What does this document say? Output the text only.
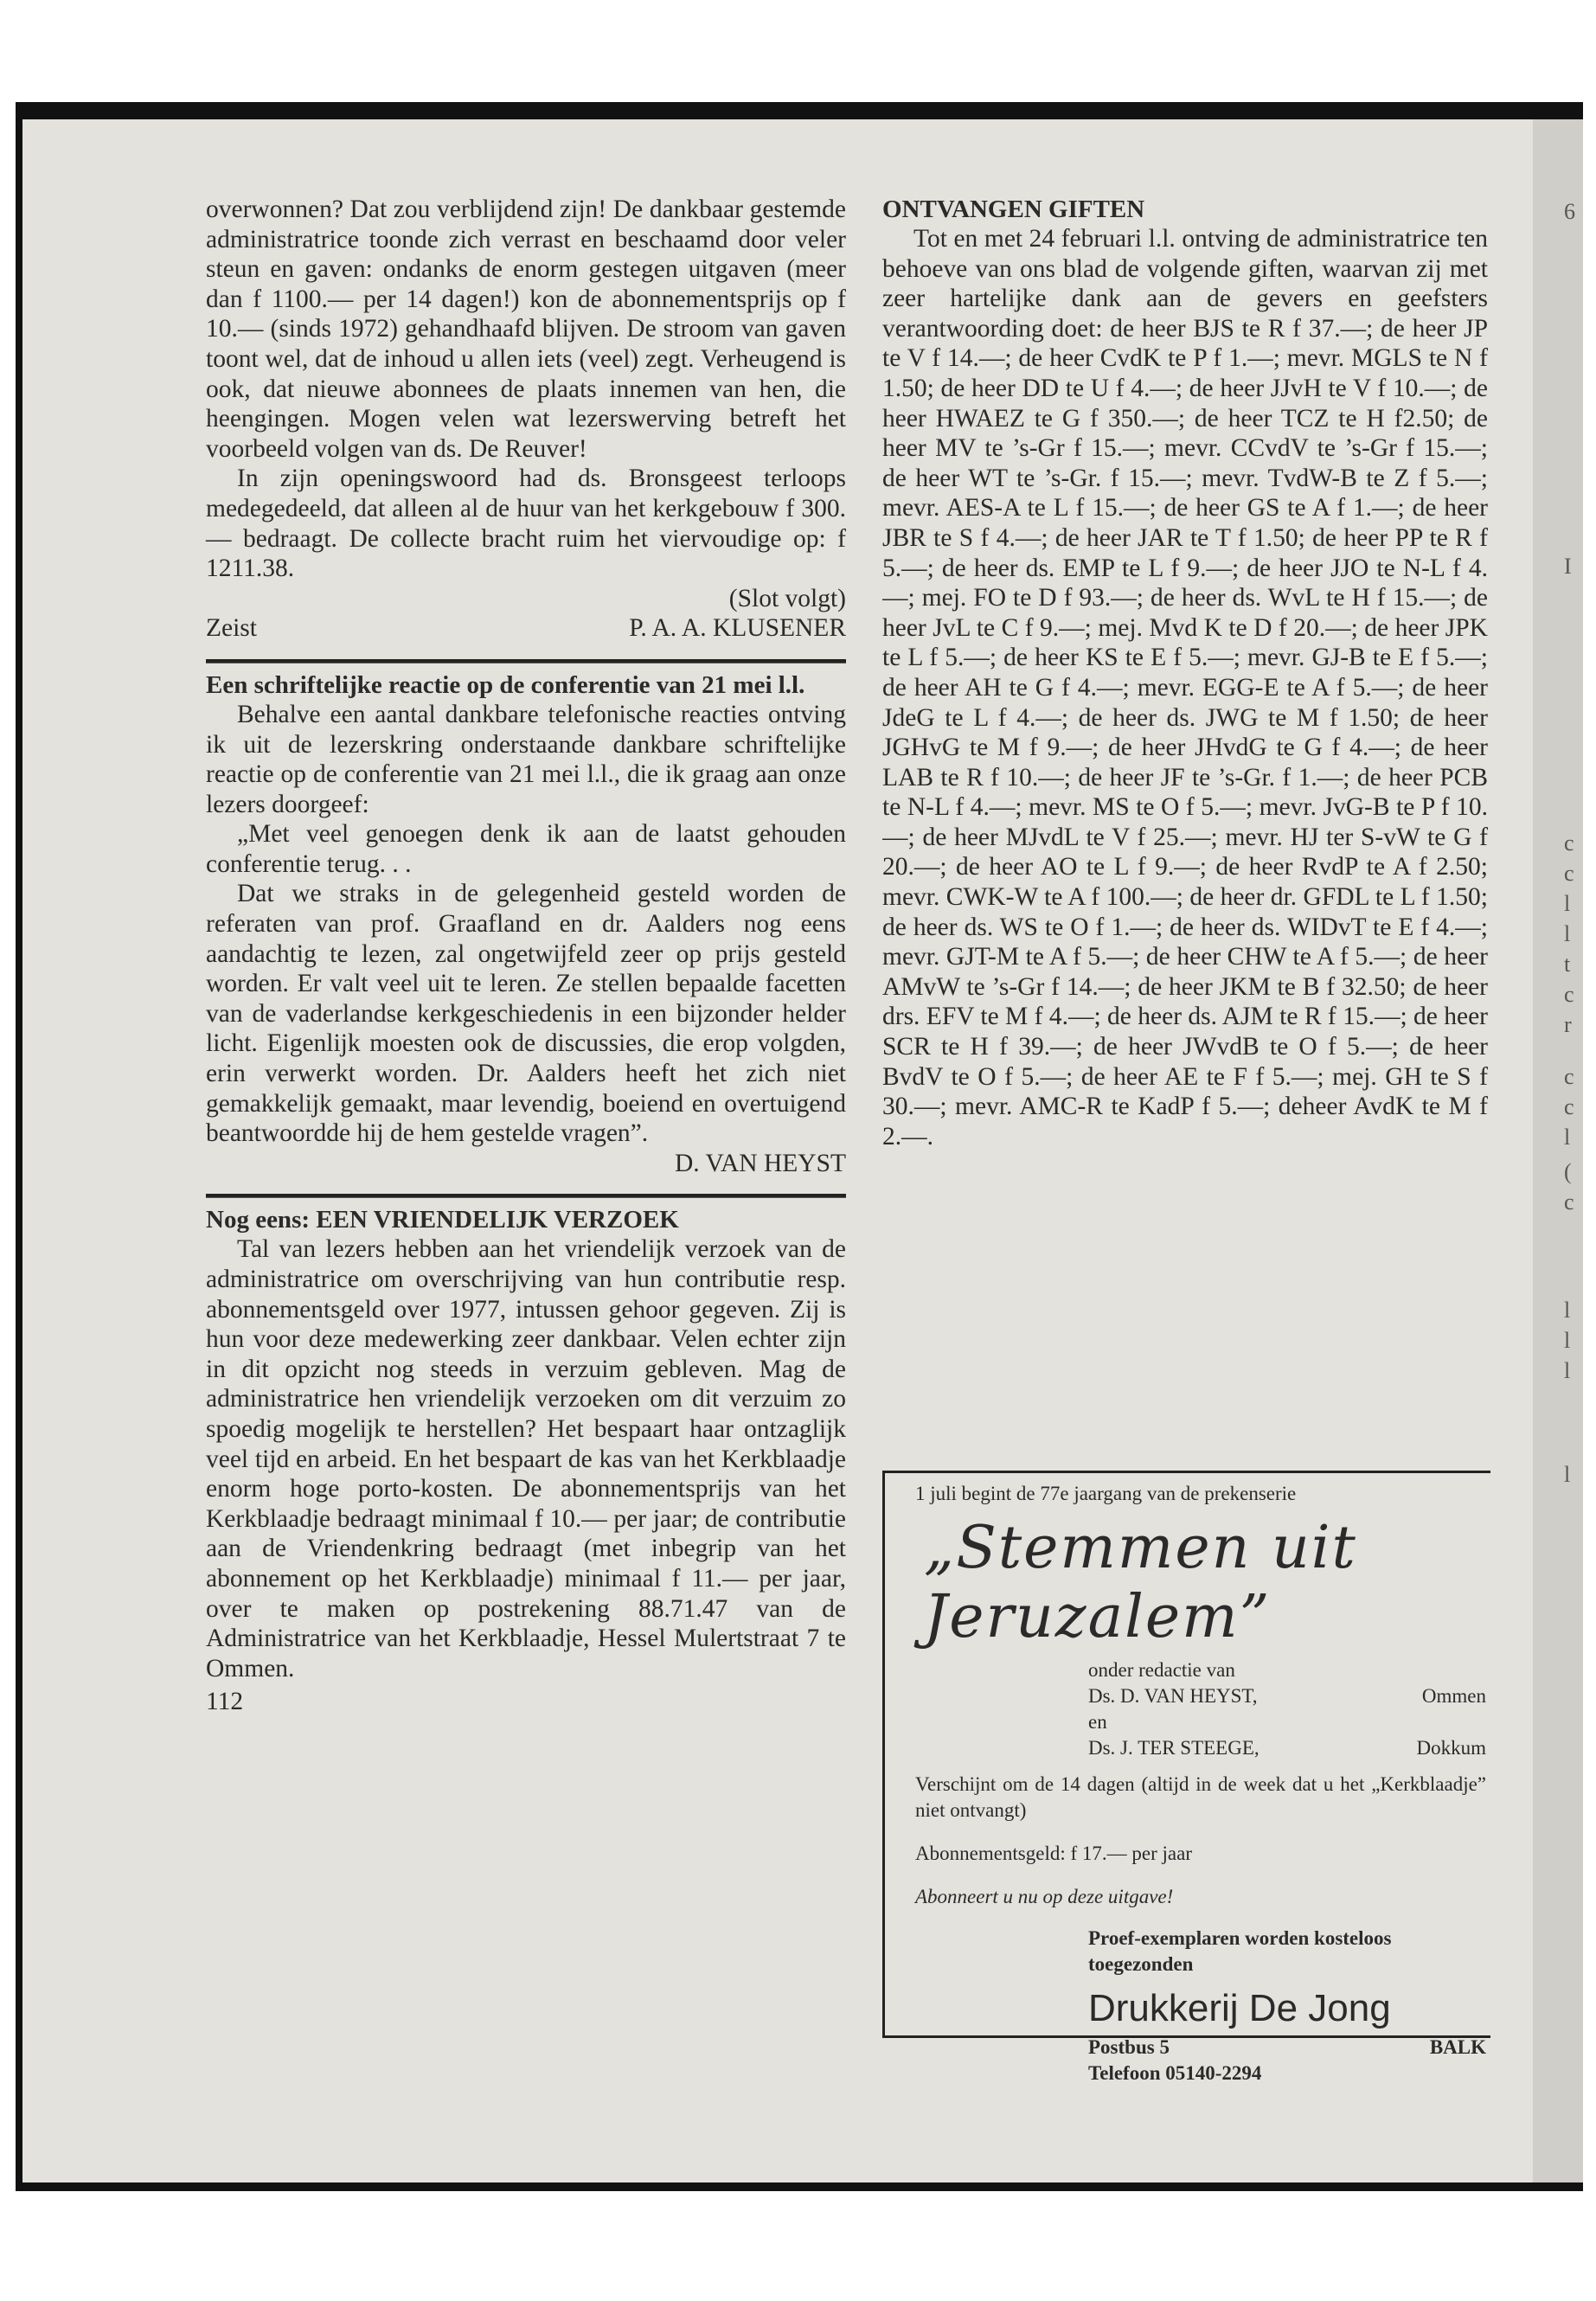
6
I
c
c
l
l
t
c
r
c
c
l
(
c
l
l
l
l

overwonnen? Dat zou verblijdend zijn! De dankbaar gestemde administratrice toonde zich verrast en beschaamd door veler steun en gaven: ondanks de enorm gestegen uitgaven (meer dan f 1100.— per 14 dagen!) kon de abonnementsprijs op f 10.— (sinds 1972) gehandhaafd blijven. De stroom van gaven toont wel, dat de inhoud u allen iets (veel) zegt. Verheugend is ook, dat nieuwe abonnees de plaats innemen van hen, die heengingen. Mogen velen wat lezerswerving betreft het voorbeeld volgen van ds. De Reuver!

In zijn openingswoord had ds. Bronsgeest terloops medegedeeld, dat alleen al de huur van het kerkgebouw f 300.— bedraagt. De collecte bracht ruim het viervoudige op: f 1211.38.

(Slot volgt)

Zeist	P. A. A. KLUSENER

Een schriftelijke reactie op de conferentie van 21 mei l.l.

Behalve een aantal dankbare telefonische reacties ontving ik uit de lezerskring onderstaande dankbare schriftelijke reactie op de conferentie van 21 mei l.l., die ik graag aan onze lezers doorgeef:

„Met veel genoegen denk ik aan de laatst gehouden conferentie terug. . .

Dat we straks in de gelegenheid gesteld worden de referaten van prof. Graafland en dr. Aalders nog eens aandachtig te lezen, zal ongetwijfeld zeer op prijs gesteld worden. Er valt veel uit te leren. Ze stellen bepaalde facetten van de vaderlandse kerkgeschiedenis in een bijzonder helder licht. Eigenlijk moesten ook de discussies, die erop volgden, erin verwerkt worden. Dr. Aalders heeft het zich niet gemakkelijk gemaakt, maar levendig, boeiend en overtuigend beantwoordde hij de hem gestelde vragen”.

D. VAN HEYST

Nog eens: EEN VRIENDELIJK VERZOEK

Tal van lezers hebben aan het vriendelijk verzoek van de administratrice om overschrijving van hun contributie resp. abonnementsgeld over 1977, intussen gehoor gegeven. Zij is hun voor deze medewerking zeer dankbaar. Velen echter zijn in dit opzicht nog steeds in verzuim gebleven. Mag de administratrice hen vriendelijk verzoeken om dit verzuim zo spoedig mogelijk te herstellen? Het bespaart haar ontzaglijk veel tijd en arbeid. En het bespaart de kas van het Kerkblaadje enorm hoge porto-kosten. De abonnementsprijs van het Kerkblaadje bedraagt minimaal f 10.— per jaar; de contributie aan de Vriendenkring bedraagt (met inbegrip van het abonnement op het Kerkblaadje) minimaal f 11.— per jaar, over te maken op postrekening 88.71.47 van de Administratrice van het Kerkblaadje, Hessel Mulertstraat 7 te Ommen.

112

ONTVANGEN GIFTEN

Tot en met 24 februari l.l. ontving de administratrice ten behoeve van ons blad de volgende giften, waarvan zij met zeer hartelijke dank aan de gevers en geefsters verantwoording doet: de heer BJS te R f 37.—; de heer JP te V f 14.—; de heer CvdK te P f 1.—; mevr. MGLS te N f 1.50; de heer DD te U f 4.—; de heer JJvH te V f 10.—; de heer HWAEZ te G f 350.—; de heer TCZ te H f2.50; de heer MV te ’s-Gr f 15.—; mevr. CCvdV te ’s-Gr f 15.—; de heer WT te ’s-Gr. f 15.—; mevr. TvdW-B te Z f 5.—; mevr. AES-A te L f 15.—; de heer GS te A f 1.—; de heer JBR te S f 4.—; de heer JAR te T f 1.50; de heer PP te R f 5.—; de heer ds. EMP te L f 9.—; de heer JJO te N-L f 4.—; mej. FO te D f 93.—; de heer ds. WvL te H f 15.—; de heer JvL te C f 9.—; mej. Mvd K te D f 20.—; de heer JPK te L f 5.—; de heer KS te E f 5.—; mevr. GJ-B te E f 5.—; de heer AH te G f 4.—; mevr. EGG-E te A f 5.—; de heer JdeG te L f 4.—; de heer ds. JWG te M f 1.50; de heer JGHvG te M f 9.—; de heer JHvdG te G f 4.—; de heer LAB te R f 10.—; de heer JF te ’s-Gr. f 1.—; de heer PCB te N-L f 4.—; mevr. MS te O f 5.—; mevr. JvG-B te P f 10.—; de heer MJvdL te V f 25.—; mevr. HJ ter S-vW te G f 20.—; de heer AO te L f 9.—; de heer RvdP te A f 2.50; mevr. CWK-W te A f 100.—; de heer dr. GFDL te L f 1.50; de heer ds. WS te O f 1.—; de heer ds. WIDvT te E f 4.—; mevr. GJT-M te A f 5.—; de heer CHW te A f 5.—; de heer AMvW te ’s-Gr f 14.—; de heer JKM te B f 32.50; de heer drs. EFV te M f 4.—; de heer ds. AJM te R f 15.—; de heer SCR te H f 39.—; de heer JWvdB te O f 5.—; de heer BvdV te O f 5.—; de heer AE te F f 5.—; mej. GH te S f 30.—; mevr. AMC-R te KadP f 5.—; deheer AvdK te M f 2.—.

1 juli begint de 77e jaargang van de prekenserie

„Stemmen uit Jeruzalem”

onder redactie van

Ds. D. VAN HEYST,	Ommen

en

Ds. J. TER STEEGE,	Dokkum

Verschijnt om de 14 dagen (altijd in de week dat u het „Kerkblaadje” niet ontvangt)

Abonnementsgeld: f 17.— per jaar

Abonneert u nu op deze uitgave!

Proef-exemplaren worden kosteloos toegezonden

Drukkerij De Jong

Postbus 5	BALK

Telefoon 05140-2294
